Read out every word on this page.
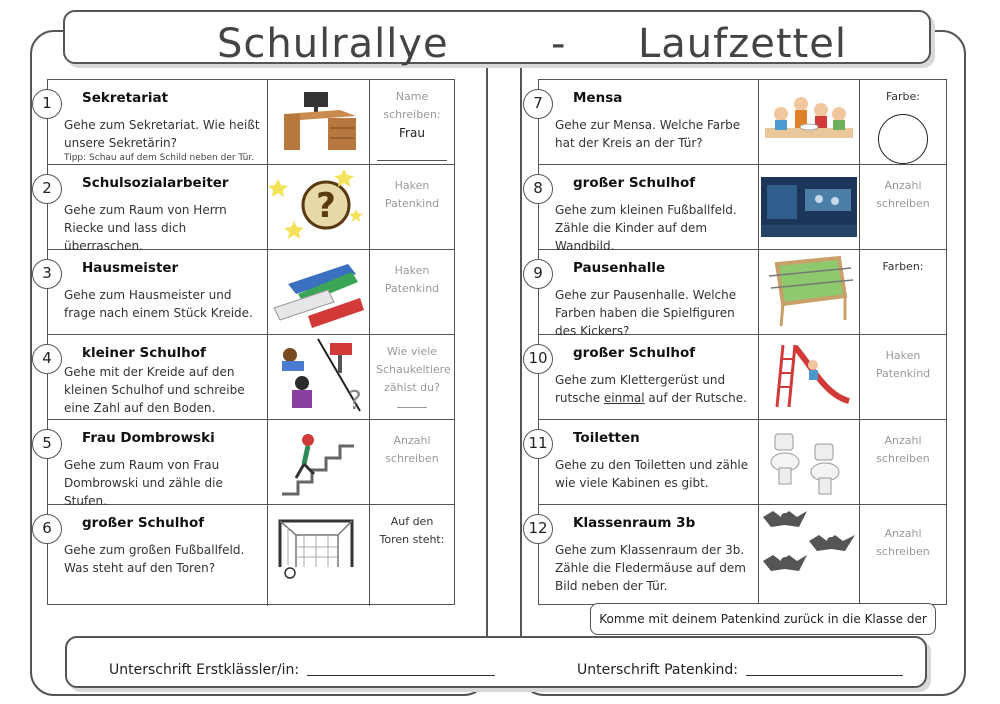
Schulrallye	- Laufzettel
Sekretariat
Gehe zum Sekretariat. Wie heißt unsere Sekretärin?
Tipp: Schau auf dem Schild neben der Tür.
Name schreiben:
Frau
1
Schulsozialarbeiter
Gehe zum Raum von Herrn Riecke und lass dich überraschen.
?
Haken Patenkind
2
Hausmeister
Gehe zum Hausmeister und frage nach einem Stück Kreide.
Haken Patenkind
3
kleiner Schulhof
Gehe mit der Kreide auf den kleinen Schulhof und schreibe eine Zahl auf den Boden.	?
Wie viele Schaukeltiere zählst du?
4
Frau Dombrowski
Gehe zum Raum von Frau Dombrowski und zähle die Stufen.
Anzahl schreiben
5
großer Schulhof
Gehe zum großen Fußballfeld. Was steht auf den Toren?
Auf den Toren steht:
6
Mensa
Gehe zur Mensa. Welche Farbe hat der Kreis an der Tür?
Farbe:
7
großer Schulhof
Gehe zum kleinen Fußballfeld. Zähle die Kinder auf dem Wandbild.
Anzahl schreiben
8
Pausenhalle
Gehe zur Pausenhalle. Welche Farben haben die Spielfiguren des Kickers?
Farben:
9
großer Schulhof
Gehe zum Klettergerüst und rutsche einmal auf der Rutsche.
Haken Patenkind
10
Toiletten
Gehe zu den Toiletten und zähle wie viele Kabinen es gibt.
Anzahl schreiben
11
Klassenraum 3b
Gehe zum Klassenraum der 3b. Zähle die Fledermäuse auf dem Bild neben der Tür.
Anzahl schreiben
12
Komme mit deinem Patenkind zurück in die Klasse der
Unterschrift Erstklässler/in:	Unterschrift Patenkind:
